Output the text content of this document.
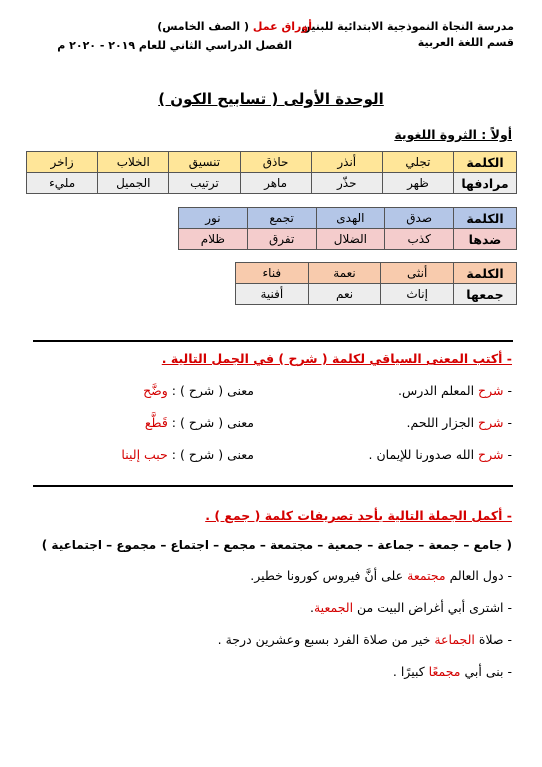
مدرسة النجاة النموذجية الابتدائية للبنين
قسم اللغة العربية
أوراق عمل ( الصف الخامس)
الفصل الدراسي الثاني للعام ٢٠١٩ - ٢٠٢٠ م
الوحدة الأولى ( تسابيح الكون )
أولاً : الثروة اللغوية
الكلمة	تجلي	أنذر	حاذق	تنسيق	الخلاب	زاخر
مرادفها	ظهر	حذّر	ماهر	ترتيب	الجميل	مليء
الكلمة	صدق	الهدى	تجمع	نور
ضدها	كذب	الضلال	تفرق	ظلام
الكلمة	أنثى	نعمة	فناء
جمعها	إناث	نعم	أفنية
- أكتب المعنى السياقي لكلمة ( شرح ) في الجمل التالية .
- شرح المعلم الدرس.
معنى ( شرح ) : وضَّح
- شرح الجزار اللحم.
معنى ( شرح ) : قَطَّع
- شرح الله صدورنا للإيمان .
معنى ( شرح ) : حبب إلينا
- أكمل الجملة التالية بأحد تصريفات كلمة ( جمع ) .
( جامع – جمعة – جماعة – جمعية – مجتمعة – مجمع – اجتماع – مجموع – اجتماعية )
- دول العالم مجتمعة على أنَّ فيروس كورونا خطير.
- اشترى أبي أغراض البيت من الجمعية.
- صلاة الجماعة خير من صلاة الفرد بسبع وعشرين درجة .
- بنى أبي مجمعًا كبيرًا .
